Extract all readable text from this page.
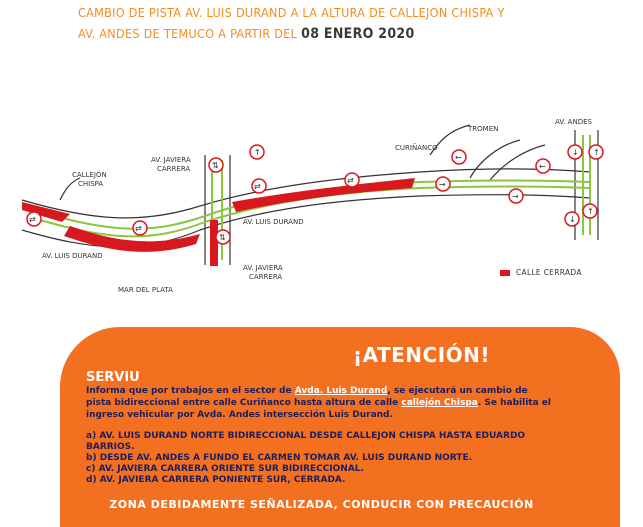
CAMBIO DE PISTA AV. LUIS DURAND A LA ALTURA DE CALLEJON CHISPA Y
AV. ANDES DE TEMUCO A PARTIR DEL 08 ENERO 2020
⇄
⇄
⇄
⇄
↑
⇅
⇅
←
→
→
←
↓ ↑
↓
↑
CALLEJÓN
CHISPA
AV. JAVIERA
CARRERA
CURIÑANCO
TROMEN
AV. ANDES
AV. LUIS DURAND
AV. LUIS DURAND
MAR DEL PLATA
AV. JAVIERA
CARRERA	CALLE CERRADA
¡ATENCIÓN!
SERVIU
Informa que por trabajos en el sector de Avda. Luis Durand, se ejecutará un cambio de pista bidireccional entre calle Curiñanco hasta altura de calle callejón Chispa. Se habilita el ingreso vehicular por Avda. Andes intersección Luis Durand.
a) AV. LUIS DURAND NORTE BIDIRECCIONAL DESDE CALLEJON CHISPA HASTA EDUARDO BARRIOS.
b) DESDE AV. ANDES A FUNDO EL CARMEN TOMAR AV. LUIS DURAND NORTE.
c) AV. JAVIERA CARRERA ORIENTE SUR BIDIRECCIONAL.
d) AV. JAVIERA CARRERA PONIENTE SUR, CERRADA.
ZONA DEBIDAMENTE SEÑALIZADA, CONDUCIR CON PRECAUCIÓN
